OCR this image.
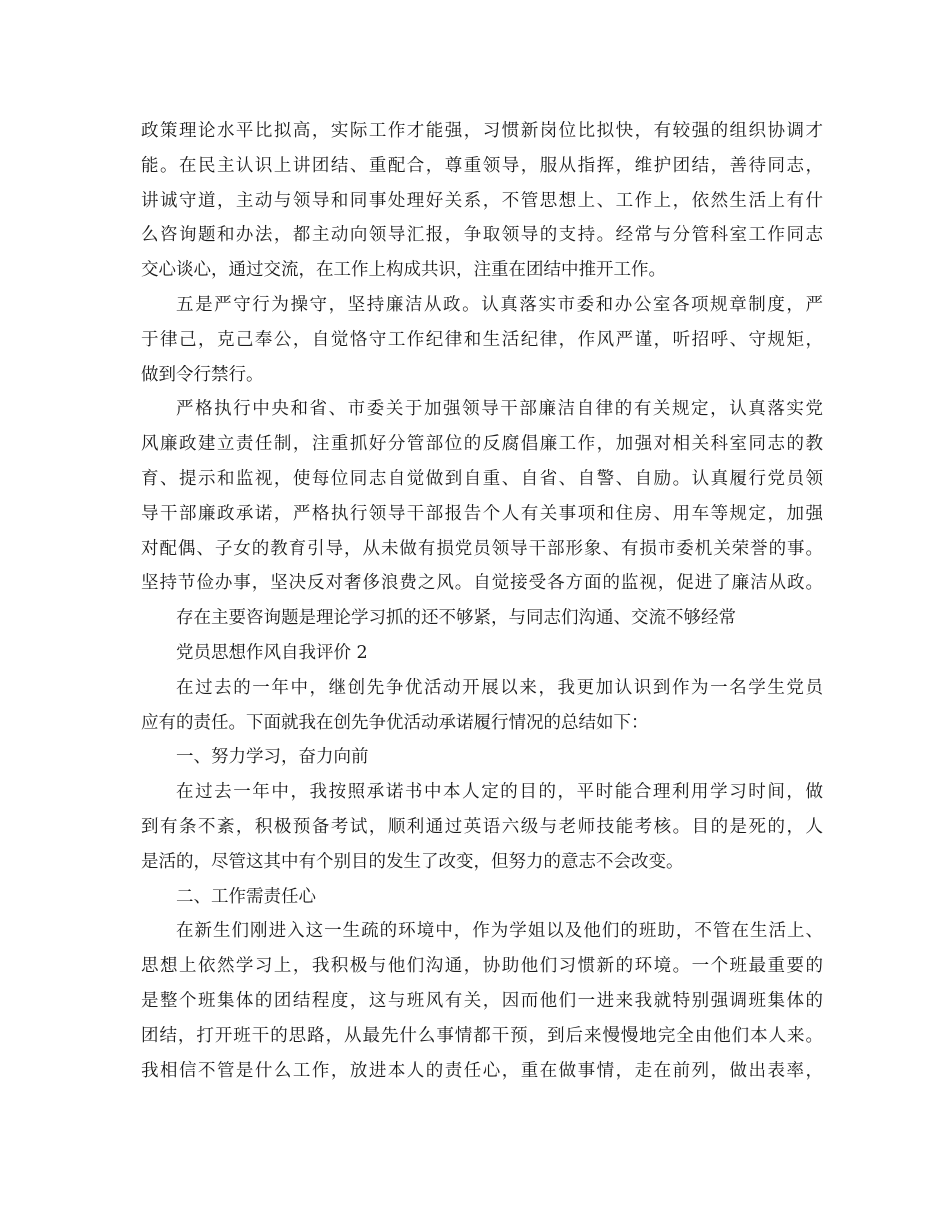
政策理论水平比拟高，实际工作才能强，习惯新岗位比拟快，有较强的组织协调才
能。在民主认识上讲团结、重配合，尊重领导，服从指挥，维护团结，善待同志，
讲诚守道，主动与领导和同事处理好关系，不管思想上、工作上，依然生活上有什
么咨询题和办法，都主动向领导汇报，争取领导的支持。经常与分管科室工作同志
交心谈心，通过交流，在工作上构成共识，注重在团结中推开工作。
五是严守行为操守，坚持廉洁从政。认真落实市委和办公室各项规章制度，严
于律己，克己奉公，自觉恪守工作纪律和生活纪律，作风严谨，听招呼、守规矩，
做到令行禁行。
严格执行中央和省、市委关于加强领导干部廉洁自律的有关规定，认真落实党
风廉政建立责任制，注重抓好分管部位的反腐倡廉工作，加强对相关科室同志的教
育、提示和监视，使每位同志自觉做到自重、自省、自警、自励。认真履行党员领
导干部廉政承诺，严格执行领导干部报告个人有关事项和住房、用车等规定，加强
对配偶、子女的教育引导，从未做有损党员领导干部形象、有损市委机关荣誉的事。
坚持节俭办事，坚决反对奢侈浪费之风。自觉接受各方面的监视，促进了廉洁从政。
存在主要咨询题是理论学习抓的还不够紧，与同志们沟通、交流不够经常
党员思想作风自我评价 2
在过去的一年中，继创先争优活动开展以来，我更加认识到作为一名学生党员
应有的责任。下面就我在创先争优活动承诺履行情况的总结如下：
一、努力学习，奋力向前
在过去一年中，我按照承诺书中本人定的目的，平时能合理利用学习时间，做
到有条不紊，积极预备考试，顺利通过英语六级与老师技能考核。目的是死的，人
是活的，尽管这其中有个别目的发生了改变，但努力的意志不会改变。
二、工作需责任心
在新生们刚进入这一生疏的环境中，作为学姐以及他们的班助，不管在生活上、
思想上依然学习上，我积极与他们沟通，协助他们习惯新的环境。一个班最重要的
是整个班集体的团结程度，这与班风有关，因而他们一进来我就特别强调班集体的
团结，打开班干的思路，从最先什么事情都干预，到后来慢慢地完全由他们本人来。
我相信不管是什么工作，放进本人的责任心，重在做事情，走在前列，做出表率，
